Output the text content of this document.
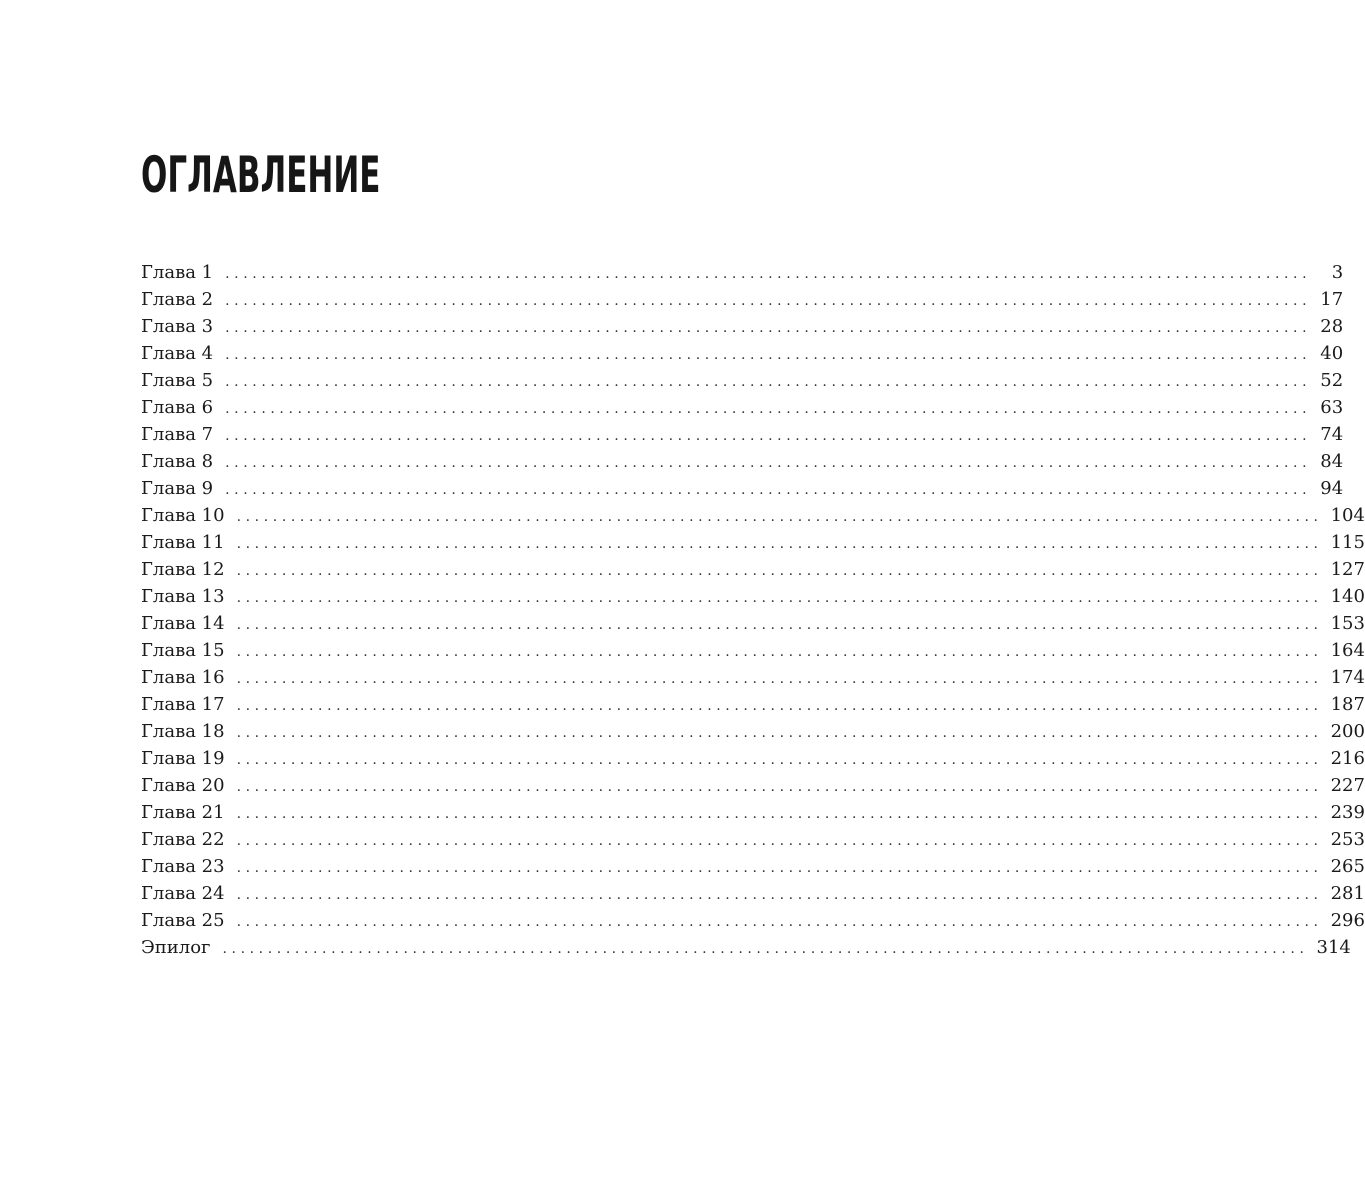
ОГЛАВЛЕНИЕ
Глава 1 ........................................................................................................................	3
Глава 2 ........................................................................................................................ 17
Глава 3 ........................................................................................................................ 28
Глава 4 ........................................................................................................................ 40
Глава 5 ........................................................................................................................ 52
Глава 6 ........................................................................................................................ 63
Глава 7 ........................................................................................................................ 74
Глава 8 ........................................................................................................................ 84
Глава 9 ........................................................................................................................ 94
Глава 10 ........................................................................................................................ 104
Глава 11 ........................................................................................................................ 115
Глава 12 ........................................................................................................................ 127
Глава 13 ........................................................................................................................ 140
Глава 14 ........................................................................................................................ 153
Глава 15 ........................................................................................................................ 164
Глава 16 ........................................................................................................................ 174
Глава 17 ........................................................................................................................ 187
Глава 18 ........................................................................................................................ 200
Глава 19 ........................................................................................................................ 216
Глава 20 ........................................................................................................................ 227
Глава 21 ........................................................................................................................ 239
Глава 22 ........................................................................................................................ 253
Глава 23 ........................................................................................................................ 265
Глава 24 ........................................................................................................................ 281
Глава 25 ........................................................................................................................ 296
Эпилог ........................................................................................................................ 314
